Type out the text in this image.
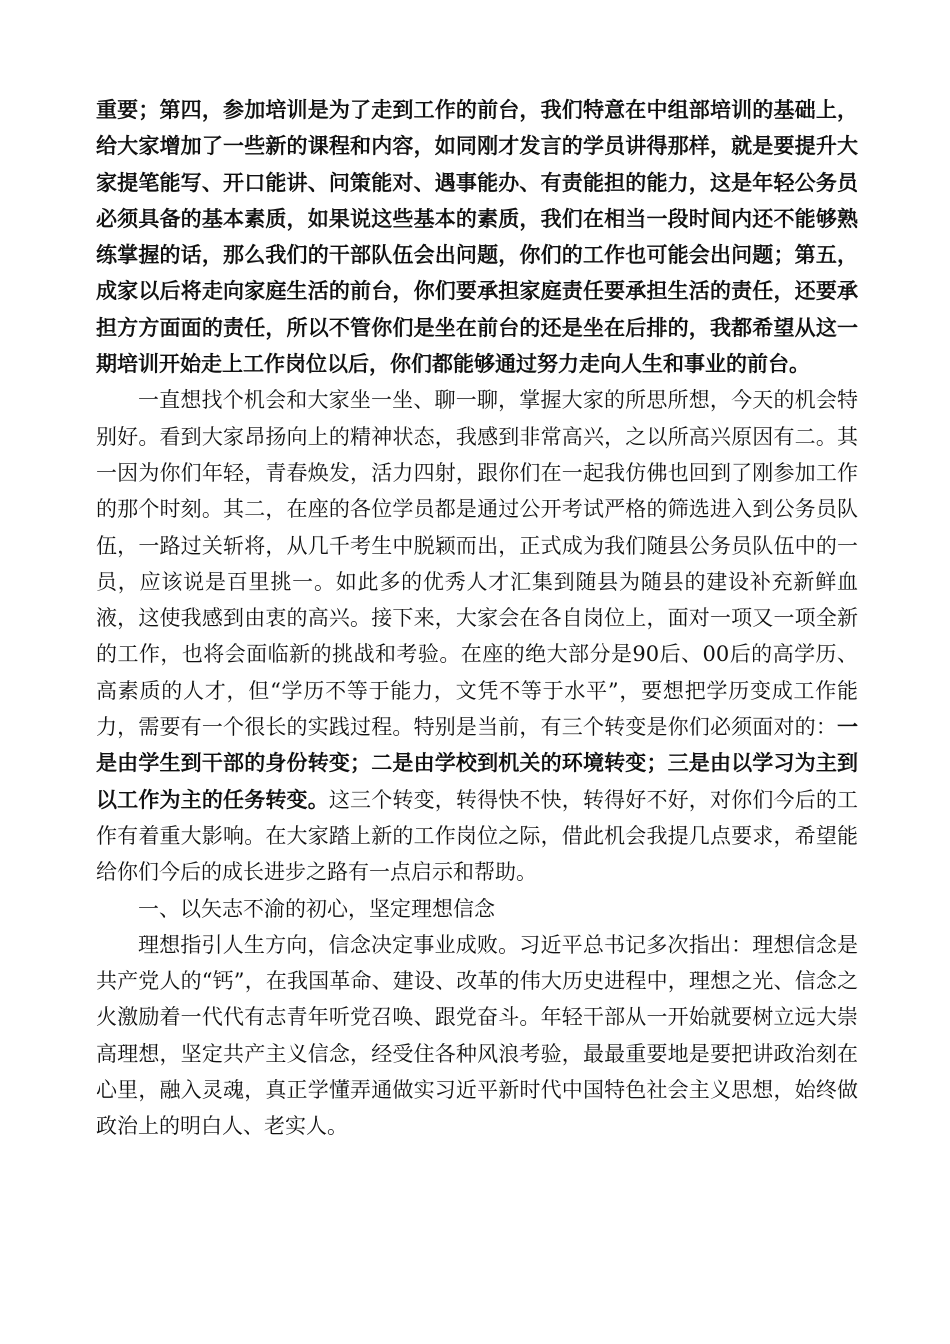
重要；第四，参加培训是为了走到工作的前台，我们特意在中组部培训的基础上，给大家增加了一些新的课程和内容，如同刚才发言的学员讲得那样，就是要提升大家提笔能写、开口能讲、问策能对、遇事能办、有责能担的能力，这是年轻公务员必须具备的基本素质，如果说这些基本的素质，我们在相当一段时间内还不能够熟练掌握的话，那么我们的干部队伍会出问题，你们的工作也可能会出问题；第五，成家以后将走向家庭生活的前台，你们要承担家庭责任要承担生活的责任，还要承担方方面面的责任，所以不管你们是坐在前台的还是坐在后排的，我都希望从这一期培训开始走上工作岗位以后，你们都能够通过努力走向人生和事业的前台。

一直想找个机会和大家坐一坐、聊一聊，掌握大家的所思所想，今天的机会特别好。看到大家昂扬向上的精神状态，我感到非常高兴，之以所高兴原因有二。其一因为你们年轻，青春焕发，活力四射，跟你们在一起我仿佛也回到了刚参加工作的那个时刻。其二，在座的各位学员都是通过公开考试严格的筛选进入到公务员队伍，一路过关斩将，从几千考生中脱颖而出，正式成为我们随县公务员队伍中的一员，应该说是百里挑一。如此多的优秀人才汇集到随县为随县的建设补充新鲜血液，这使我感到由衷的高兴。接下来，大家会在各自岗位上，面对一项又一项全新的工作，也将会面临新的挑战和考验。在座的绝大部分是90后、00后的高学历、高素质的人才，但“学历不等于能力，文凭不等于水平”，要想把学历变成工作能力，需要有一个很长的实践过程。特别是当前，有三个转变是你们必须面对的：一是由学生到干部的身份转变；二是由学校到机关的环境转变；三是由以学习为主到以工作为主的任务转变。这三个转变，转得快不快，转得好不好，对你们今后的工作有着重大影响。在大家踏上新的工作岗位之际，借此机会我提几点要求，希望能给你们今后的成长进步之路有一点启示和帮助。

一、以矢志不渝的初心，坚定理想信念

理想指引人生方向，信念决定事业成败。习近平总书记多次指出：理想信念是共产党人的“钙”，在我国革命、建设、改革的伟大历史进程中，理想之光、信念之火激励着一代代有志青年听党召唤、跟党奋斗。年轻干部从一开始就要树立远大崇高理想，坚定共产主义信念，经受住各种风浪考验，最最重要地是要把讲政治刻在心里，融入灵魂，真正学懂弄通做实习近平新时代中国特色社会主义思想，始终做政治上的明白人、老实人。
